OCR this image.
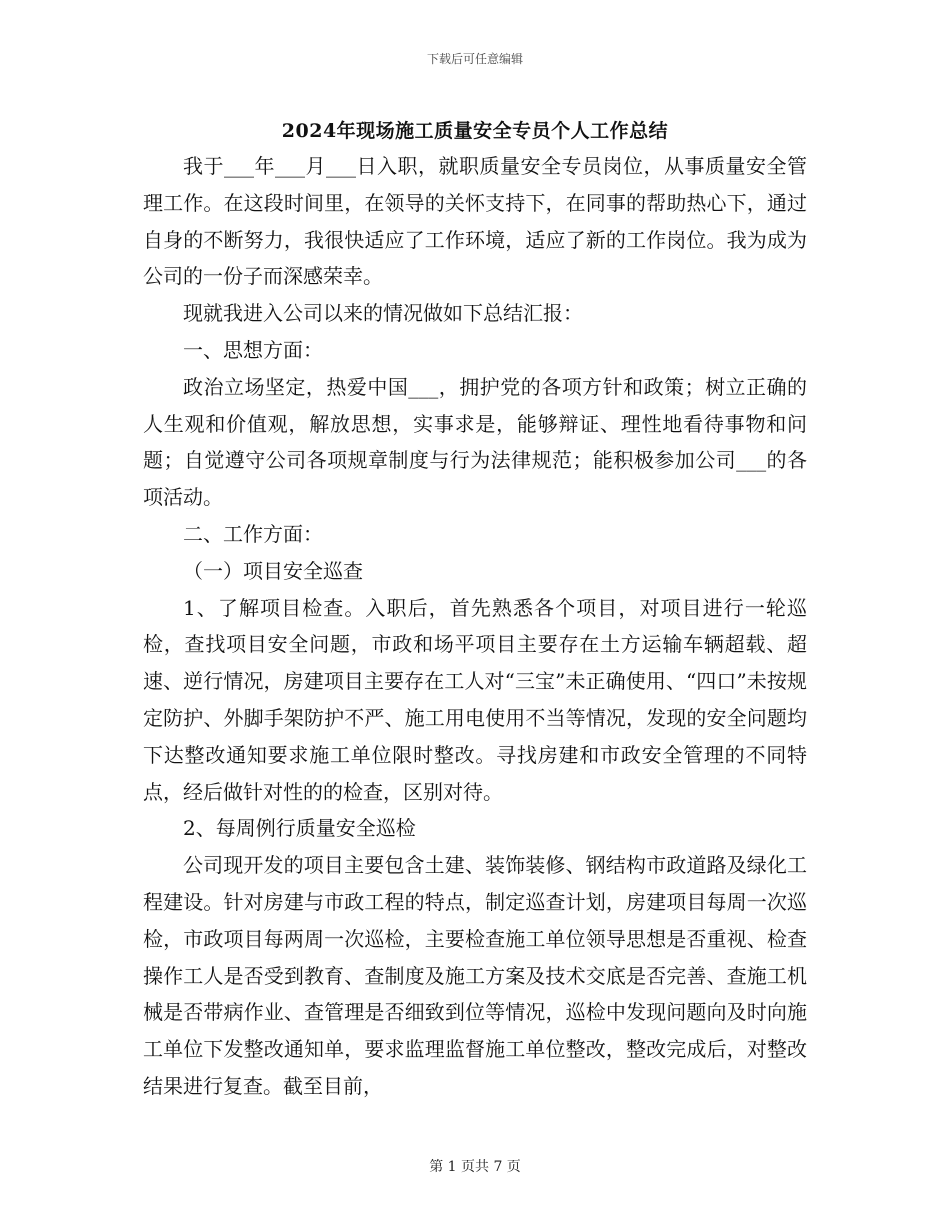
下载后可任意编辑
2024年现场施工质量安全专员个人工作总结

我于___年___月___日入职，就职质量安全专员岗位，从事质量安全管理工作。在这段时间里，在领导的关怀支持下，在同事的帮助热心下，通过自身的不断努力，我很快适应了工作环境，适应了新的工作岗位。我为成为公司的一份子而深感荣幸。

现就我进入公司以来的情况做如下总结汇报：

一、思想方面：

政治立场坚定，热爱中国___，拥护党的各项方针和政策；树立正确的人生观和价值观，解放思想，实事求是，能够辩证、理性地看待事物和问题；自觉遵守公司各项规章制度与行为法律规范；能积极参加公司___的各项活动。

二、工作方面：

（一）项目安全巡查

1、了解项目检查。入职后，首先熟悉各个项目，对项目进行一轮巡检，查找项目安全问题，市政和场平项目主要存在土方运输车辆超载、超速、逆行情况，房建项目主要存在工人对“三宝”未正确使用、“四口”未按规定防护、外脚手架防护不严、施工用电使用不当等情况，发现的安全问题均下达整改通知要求施工单位限时整改。寻找房建和市政安全管理的不同特点，经后做针对性的的检查，区别对待。

2、每周例行质量安全巡检

公司现开发的项目主要包含土建、装饰装修、钢结构市政道路及绿化工程建设。针对房建与市政工程的特点，制定巡查计划，房建项目每周一次巡检，市政项目每两周一次巡检，主要检查施工单位领导思想是否重视、检查操作工人是否受到教育、查制度及施工方案及技术交底是否完善、查施工机械是否带病作业、查管理是否细致到位等情况，巡检中发现问题向及时向施工单位下发整改通知单，要求监理监督施工单位整改，整改完成后，对整改结果进行复查。截至目前，

第 1 页共 7 页
